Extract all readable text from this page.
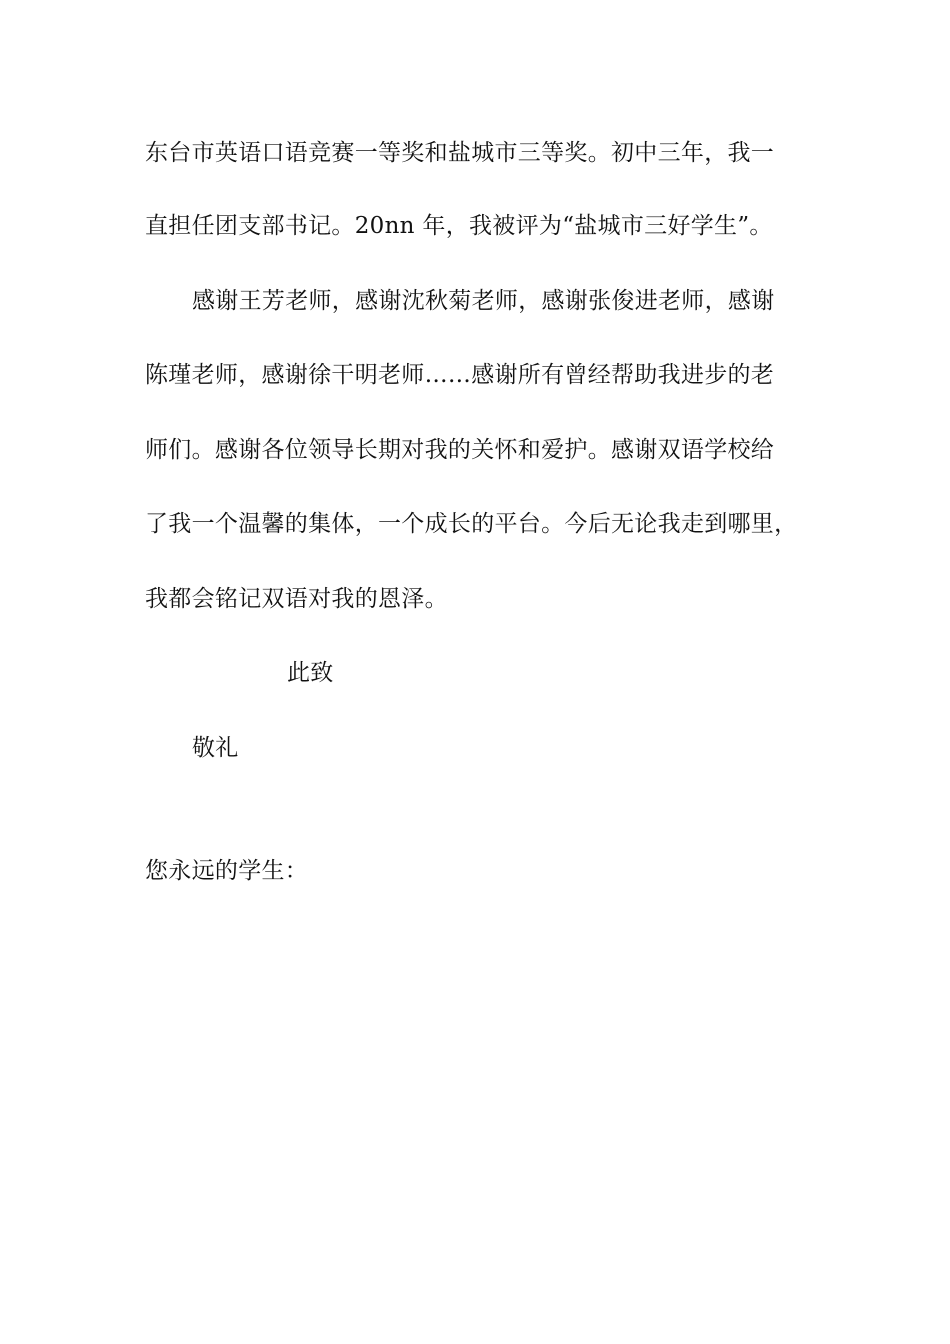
东台市英语口语竞赛一等奖和盐城市三等奖。初中三年，我一
直担任团支部书记。20nn 年，我被评为“盐城市三好学生”。
感谢王芳老师，感谢沈秋菊老师，感谢张俊进老师，感谢
陈瑾老师，感谢徐干明老师……感谢所有曾经帮助我进步的老
师们。感谢各位领导长期对我的关怀和爱护。感谢双语学校给
了我一个温馨的集体，一个成长的平台。今后无论我走到哪里，
我都会铭记双语对我的恩泽。
此致
敬礼
您永远的学生：
